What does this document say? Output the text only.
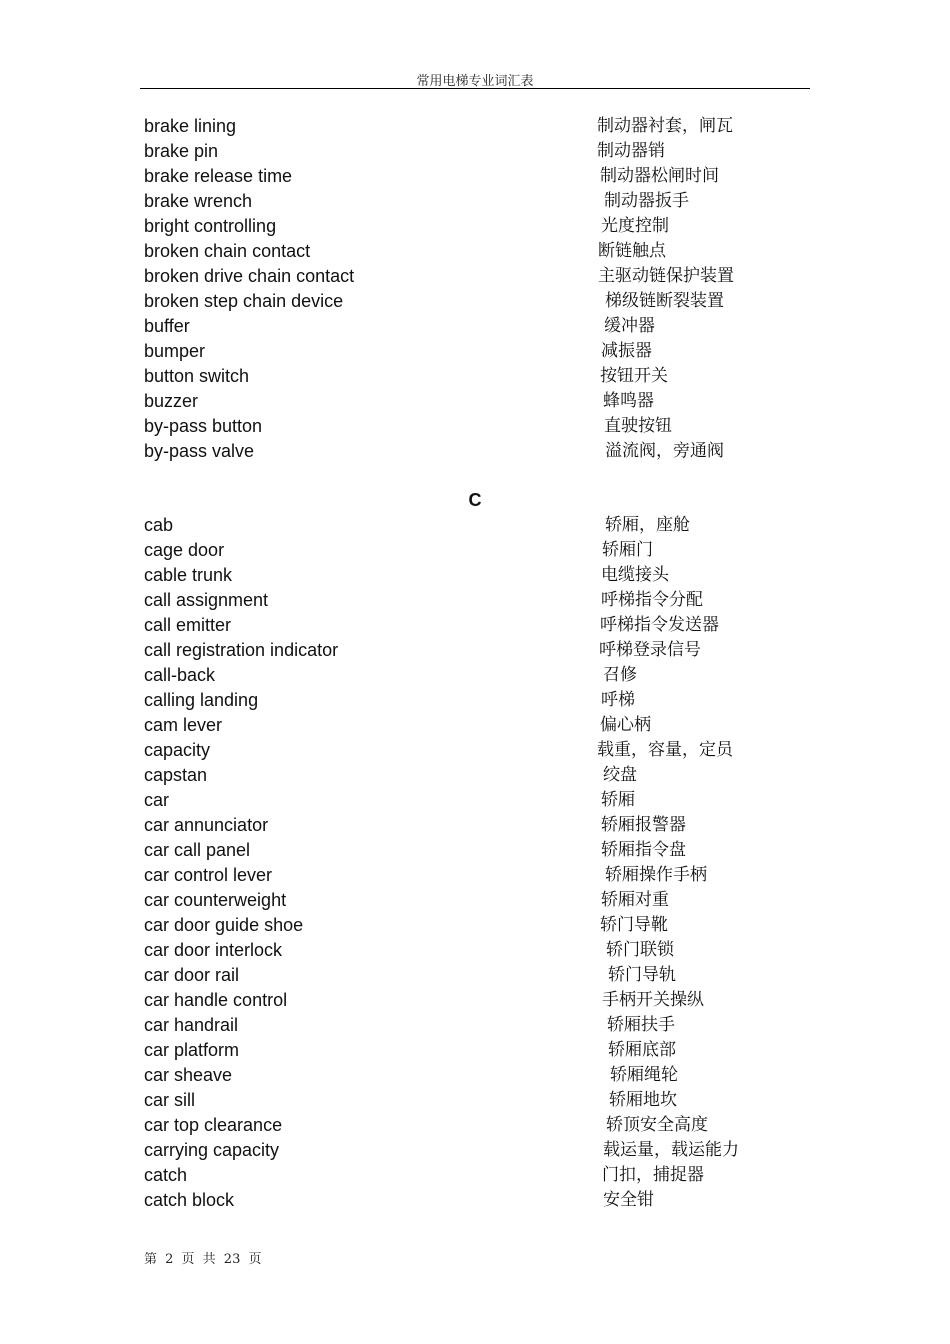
常用电梯专业词汇表
brake lining	制动器衬套，闸瓦
brake pin	制动器销
brake release time	制动器松闸时间
brake wrench	制动器扳手
bright controlling	光度控制
broken chain contact	断链触点
broken drive chain contact	主驱动链保护装置
broken step chain device	梯级链断裂装置
buffer	缓冲器
bumper	减振器
button switch	按钮开关
buzzer	蜂鸣器
by-pass button	直驶按钮
by-pass valve	溢流阀，旁通阀
C
cab	轿厢，座舱
cage door	轿厢门
cable trunk	电缆接头
call assignment	呼梯指令分配
call emitter	呼梯指令发送器
call registration indicator	呼梯登录信号
call-back	召修
calling landing	呼梯
cam lever	偏心柄
capacity	载重，容量，定员
capstan	绞盘
car	轿厢
car annunciator	轿厢报警器
car call panel	轿厢指令盘
car control lever	轿厢操作手柄
car counterweight	轿厢对重
car door guide shoe	轿门导靴
car door interlock	轿门联锁
car door rail	轿门导轨
car handle control	手柄开关操纵
car handrail	轿厢扶手
car platform	轿厢底部
car sheave	轿厢绳轮
car sill	轿厢地坎
car top clearance	轿顶安全高度
carrying capacity	载运量，载运能力
catch	门扣，捕捉器
catch block	安全钳
第 2 页 共 23 页
